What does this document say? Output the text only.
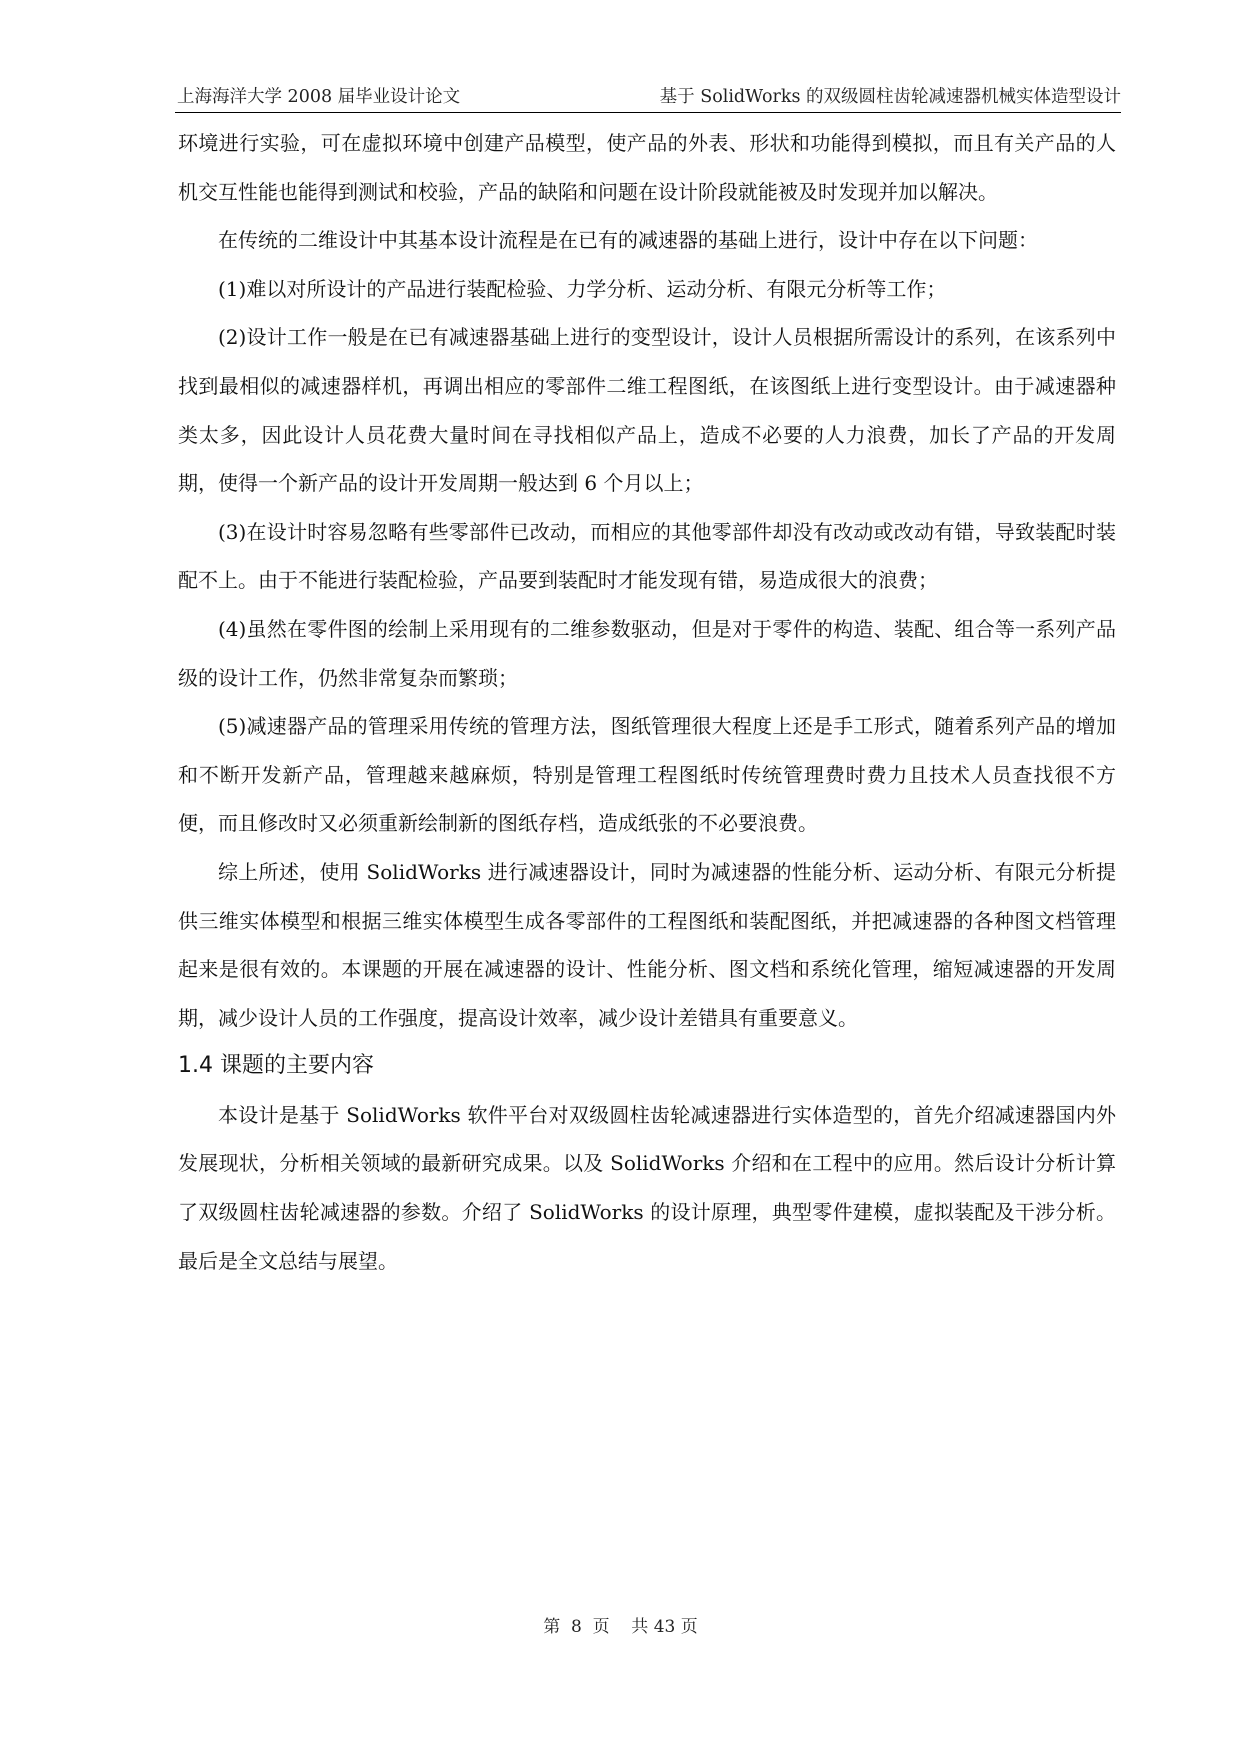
上海海洋大学 2008 届毕业设计论文	基于 SolidWorks 的双级圆柱齿轮减速器机械实体造型设计

环境进行实验，可在虚拟环境中创建产品模型，使产品的外表、形状和功能得到模拟，而且有关产品的人机交互性能也能得到测试和校验，产品的缺陷和问题在设计阶段就能被及时发现并加以解决。

在传统的二维设计中其基本设计流程是在已有的减速器的基础上进行，设计中存在以下问题：

(1)难以对所设计的产品进行装配检验、力学分析、运动分析、有限元分析等工作；

(2)设计工作一般是在已有减速器基础上进行的变型设计，设计人员根据所需设计的系列，在该系列中找到最相似的减速器样机，再调出相应的零部件二维工程图纸，在该图纸上进行变型设计。由于减速器种类太多，因此设计人员花费大量时间在寻找相似产品上，造成不必要的人力浪费，加长了产品的开发周期，使得一个新产品的设计开发周期一般达到 6 个月以上；

(3)在设计时容易忽略有些零部件已改动，而相应的其他零部件却没有改动或改动有错，导致装配时装配不上。由于不能进行装配检验，产品要到装配时才能发现有错，易造成很大的浪费；

(4)虽然在零件图的绘制上采用现有的二维参数驱动，但是对于零件的构造、装配、组合等一系列产品级的设计工作，仍然非常复杂而繁琐；

(5)减速器产品的管理采用传统的管理方法，图纸管理很大程度上还是手工形式，随着系列产品的增加和不断开发新产品，管理越来越麻烦，特别是管理工程图纸时传统管理费时费力且技术人员查找很不方便，而且修改时又必须重新绘制新的图纸存档，造成纸张的不必要浪费。

综上所述，使用 SolidWorks 进行减速器设计，同时为减速器的性能分析、运动分析、有限元分析提供三维实体模型和根据三维实体模型生成各零部件的工程图纸和装配图纸，并把减速器的各种图文档管理起来是很有效的。本课题的开展在减速器的设计、性能分析、图文档和系统化管理，缩短减速器的开发周期，减少设计人员的工作强度，提高设计效率，减少设计差错具有重要意义。

1.4 课题的主要内容

本设计是基于 SolidWorks 软件平台对双级圆柱齿轮减速器进行实体造型的，首先介绍减速器国内外发展现状，分析相关领域的最新研究成果。以及 SolidWorks 介绍和在工程中的应用。然后设计分析计算了双级圆柱齿轮减速器的参数。介绍了 SolidWorks 的设计原理，典型零件建模，虚拟装配及干涉分析。最后是全文总结与展望。

第  8  页    共 43 页
